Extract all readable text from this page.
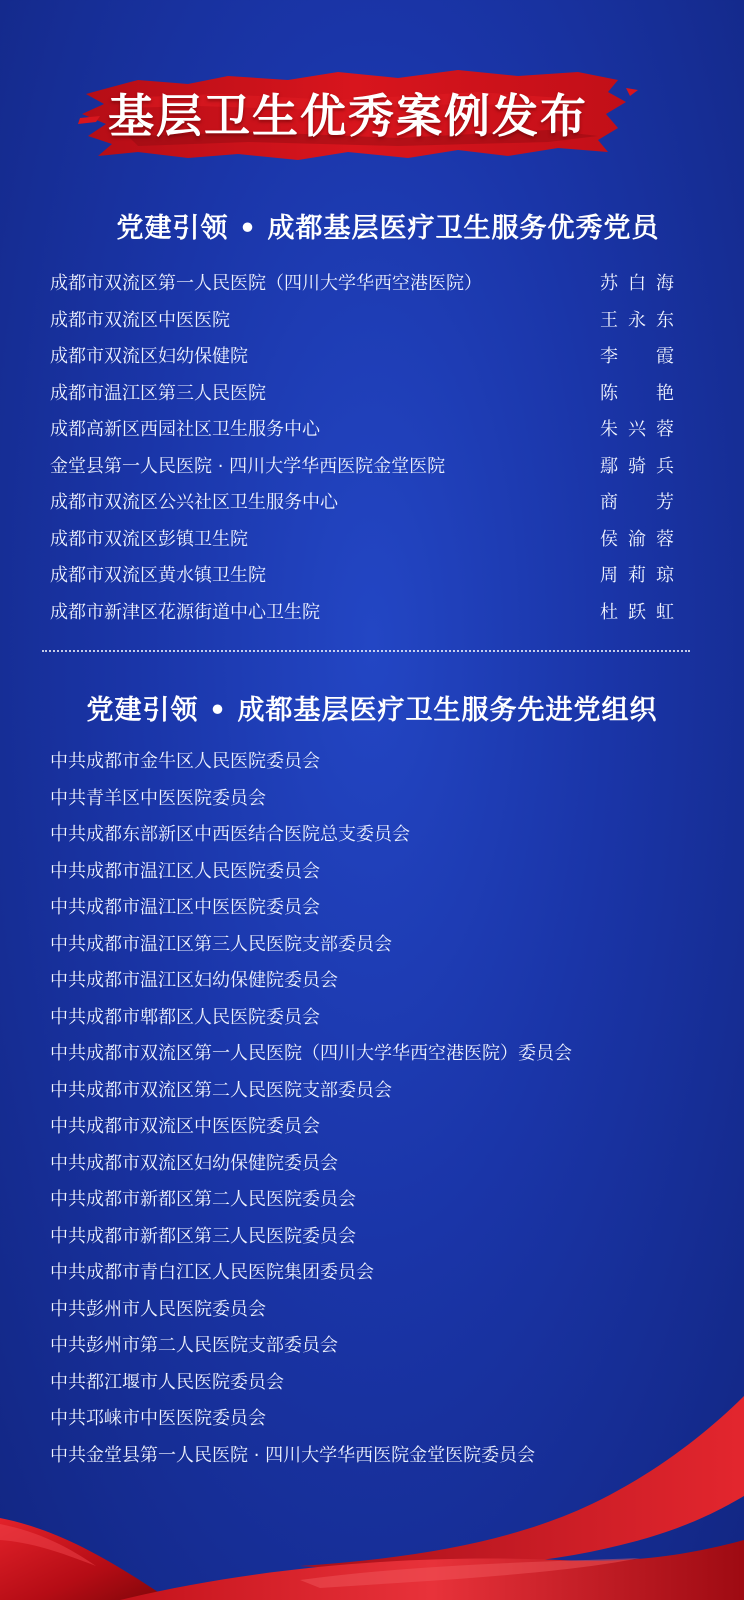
基层卫生优秀案例发布
党建引领 • 成都基层医疗卫生服务优秀党员
成都市双流区第一人民医院（四川大学华西空港医院）	苏白海
成都市双流区中医医院	王永东
成都市双流区妇幼保健院	李霞
成都市温江区第三人民医院	陈艳
成都高新区西园社区卫生服务中心	朱兴蓉
金堂县第一人民医院 · 四川大学华西医院金堂医院	鄢骑兵
成都市双流区公兴社区卫生服务中心	商芳
成都市双流区彭镇卫生院	侯渝蓉
成都市双流区黄水镇卫生院	周莉琼
成都市新津区花源街道中心卫生院	杜跃虹
党建引领 • 成都基层医疗卫生服务先进党组织
中共成都市金牛区人民医院委员会
中共青羊区中医医院委员会
中共成都东部新区中西医结合医院总支委员会
中共成都市温江区人民医院委员会
中共成都市温江区中医医院委员会
中共成都市温江区第三人民医院支部委员会
中共成都市温江区妇幼保健院委员会
中共成都市郫都区人民医院委员会
中共成都市双流区第一人民医院（四川大学华西空港医院）委员会
中共成都市双流区第二人民医院支部委员会
中共成都市双流区中医医院委员会
中共成都市双流区妇幼保健院委员会
中共成都市新都区第二人民医院委员会
中共成都市新都区第三人民医院委员会
中共成都市青白江区人民医院集团委员会
中共彭州市人民医院委员会
中共彭州市第二人民医院支部委员会
中共都江堰市人民医院委员会
中共邛崃市中医医院委员会
中共金堂县第一人民医院 · 四川大学华西医院金堂医院委员会
